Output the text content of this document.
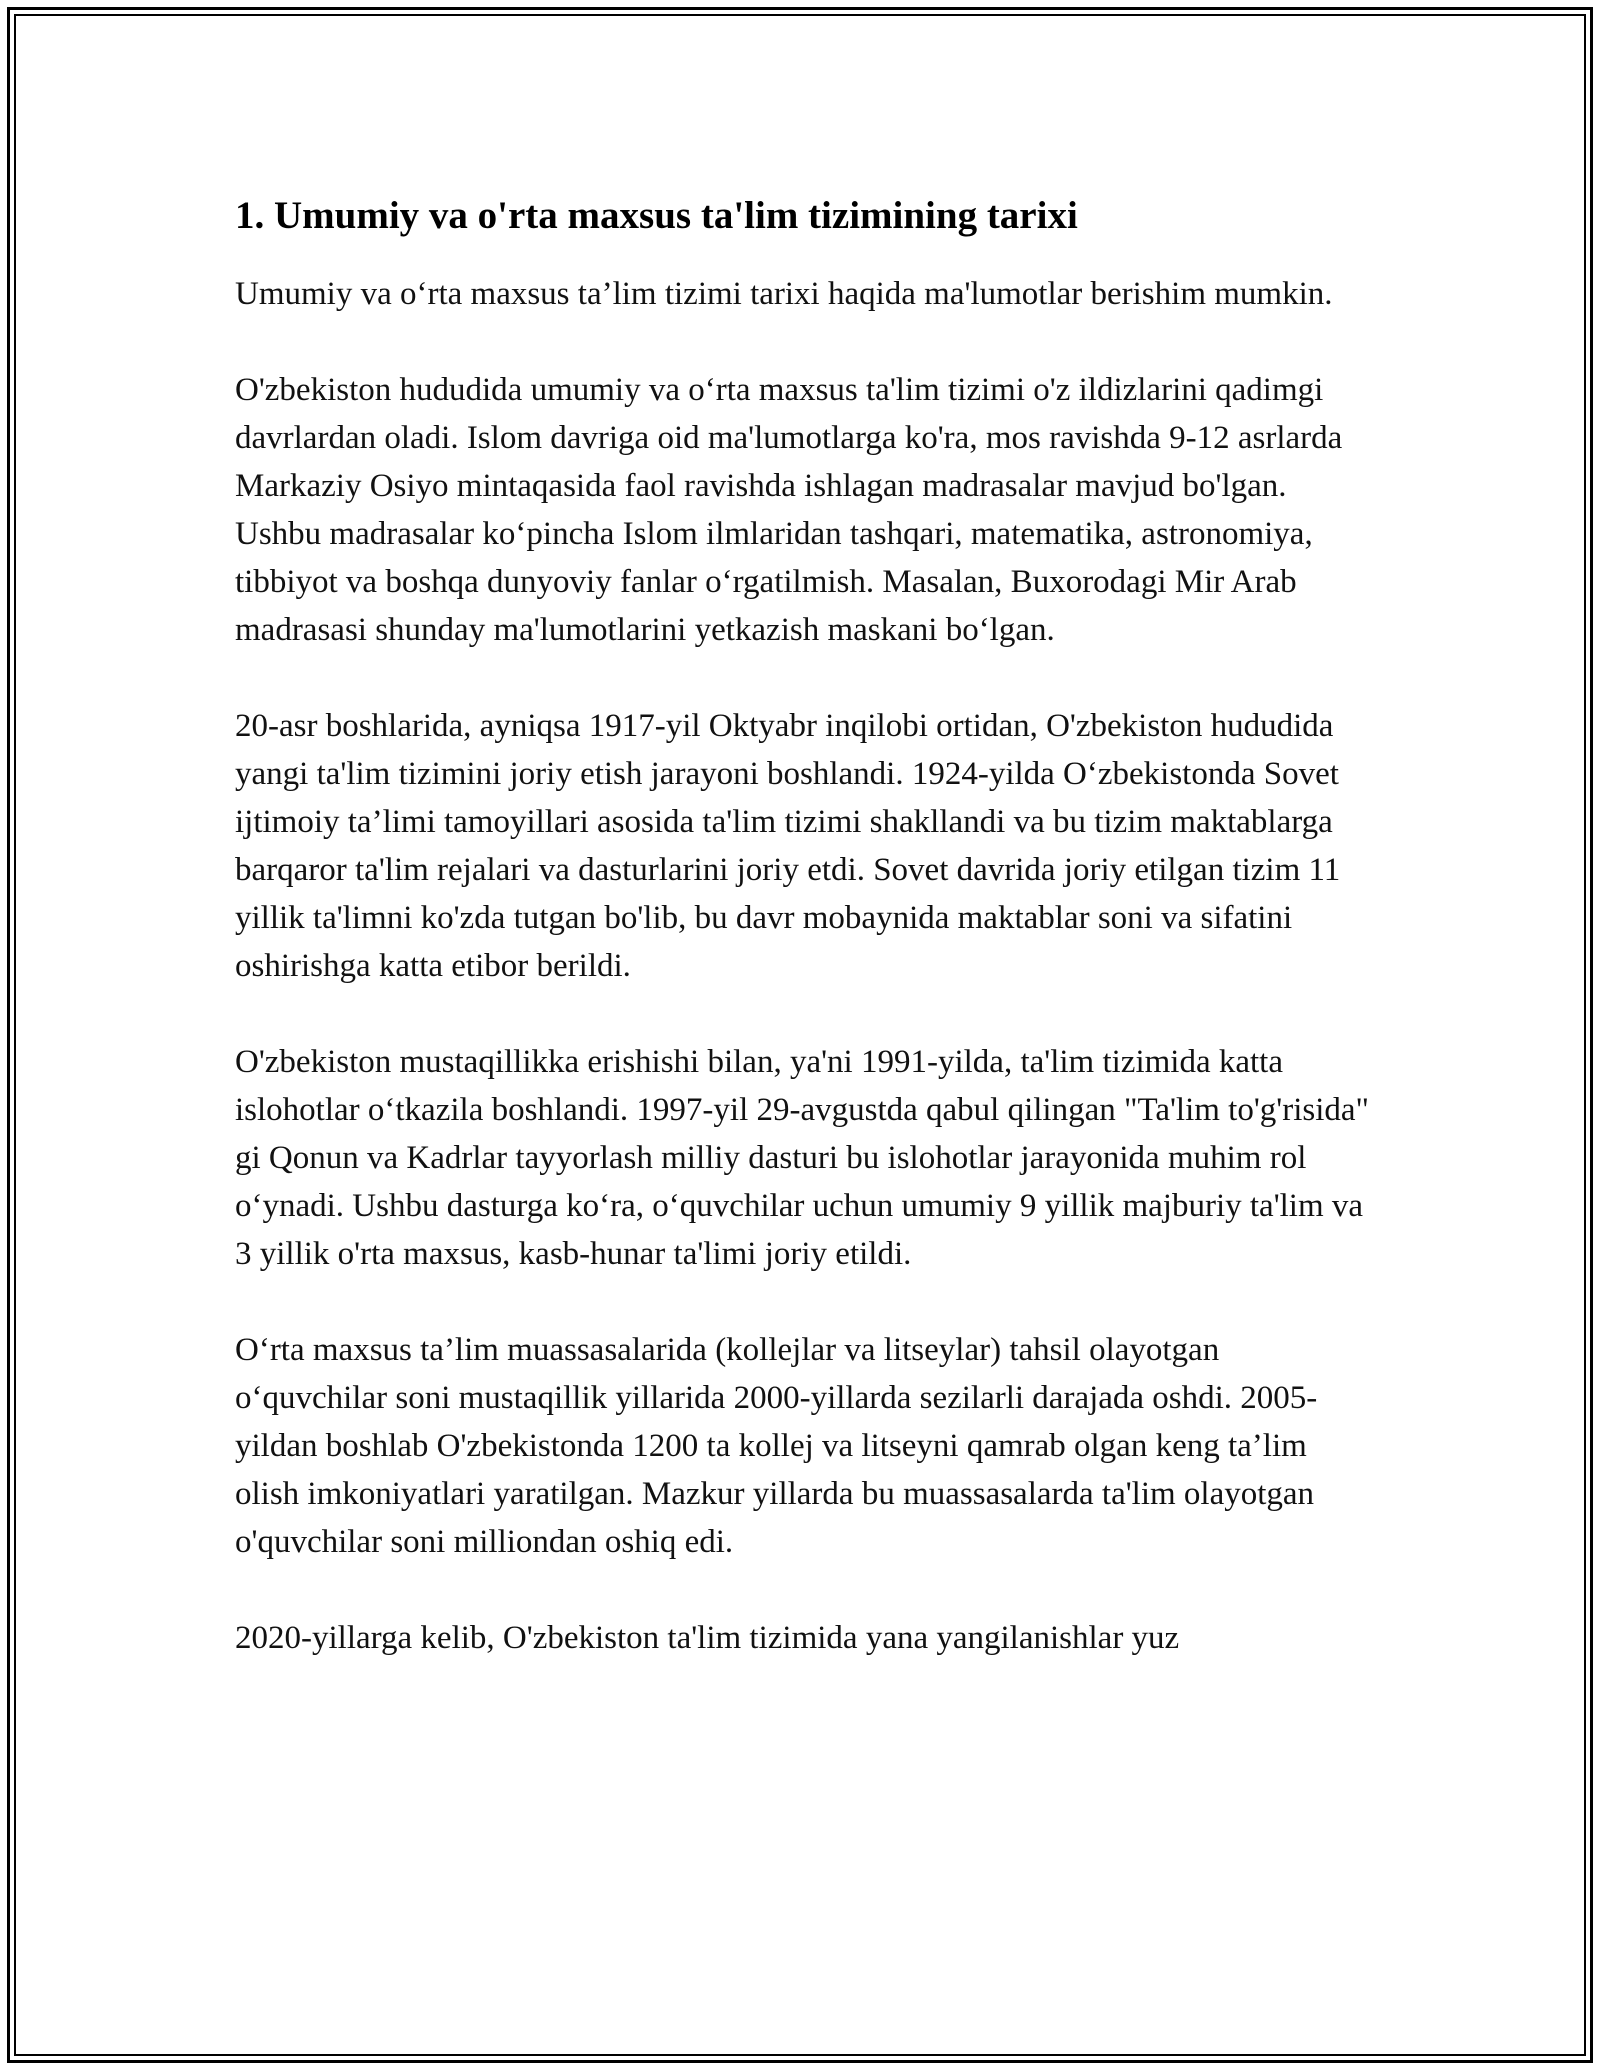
1. Umumiy va o'rta maxsus ta'lim tizimining tarixi

Umumiy va o‘rta maxsus ta’lim tizimi tarixi haqida ma'lumotlar berishim mumkin.

O'zbekiston hududida umumiy va o‘rta maxsus ta'lim tizimi o'z ildizlarini qadimgi davrlardan oladi. Islom davriga oid ma'lumotlarga ko'ra, mos ravishda 9-12 asrlarda Markaziy Osiyo mintaqasida faol ravishda ishlagan madrasalar mavjud bo'lgan. Ushbu madrasalar ko‘pincha Islom ilmlaridan tashqari, matematika, astronomiya, tibbiyot va boshqa dunyoviy fanlar o‘rgatilmish. Masalan, Buxorodagi Mir Arab madrasasi shunday ma'lumotlarini yetkazish maskani bo‘lgan.

20-asr boshlarida, ayniqsa 1917-yil Oktyabr inqilobi ortidan, O'zbekiston hududida yangi ta'lim tizimini joriy etish jarayoni boshlandi. 1924-yilda O‘zbekistonda Sovet ijtimoiy ta’limi tamoyillari asosida ta'lim tizimi shakllandi va bu tizim maktablarga barqaror ta'lim rejalari va dasturlarini joriy etdi. Sovet davrida joriy etilgan tizim 11 yillik ta'limni ko'zda tutgan bo'lib, bu davr mobaynida maktablar soni va sifatini oshirishga katta etibor berildi.

O'zbekiston mustaqillikka erishishi bilan, ya'ni 1991-yilda, ta'lim tizimida katta islohotlar o‘tkazila boshlandi. 1997-yil 29-avgustda qabul qilingan "Ta'lim to'g'risida" gi Qonun va Kadrlar tayyorlash milliy dasturi bu islohotlar jarayonida muhim rol o‘ynadi. Ushbu dasturga ko‘ra, o‘quvchilar uchun umumiy 9 yillik majburiy ta'lim va 3 yillik o'rta maxsus, kasb-hunar ta'limi joriy etildi.

O‘rta maxsus ta’lim muassasalarida (kollejlar va litseylar) tahsil olayotgan o‘quvchilar soni mustaqillik yillarida 2000-yillarda sezilarli darajada oshdi. 2005-yildan boshlab O'zbekistonda 1200 ta kollej va litseyni qamrab olgan keng ta’lim olish imkoniyatlari yaratilgan. Mazkur yillarda bu muassasalarda ta'lim olayotgan o'quvchilar soni milliondan oshiq edi.

2020-yillarga kelib, O'zbekiston ta'lim tizimida yana yangilanishlar yuz
